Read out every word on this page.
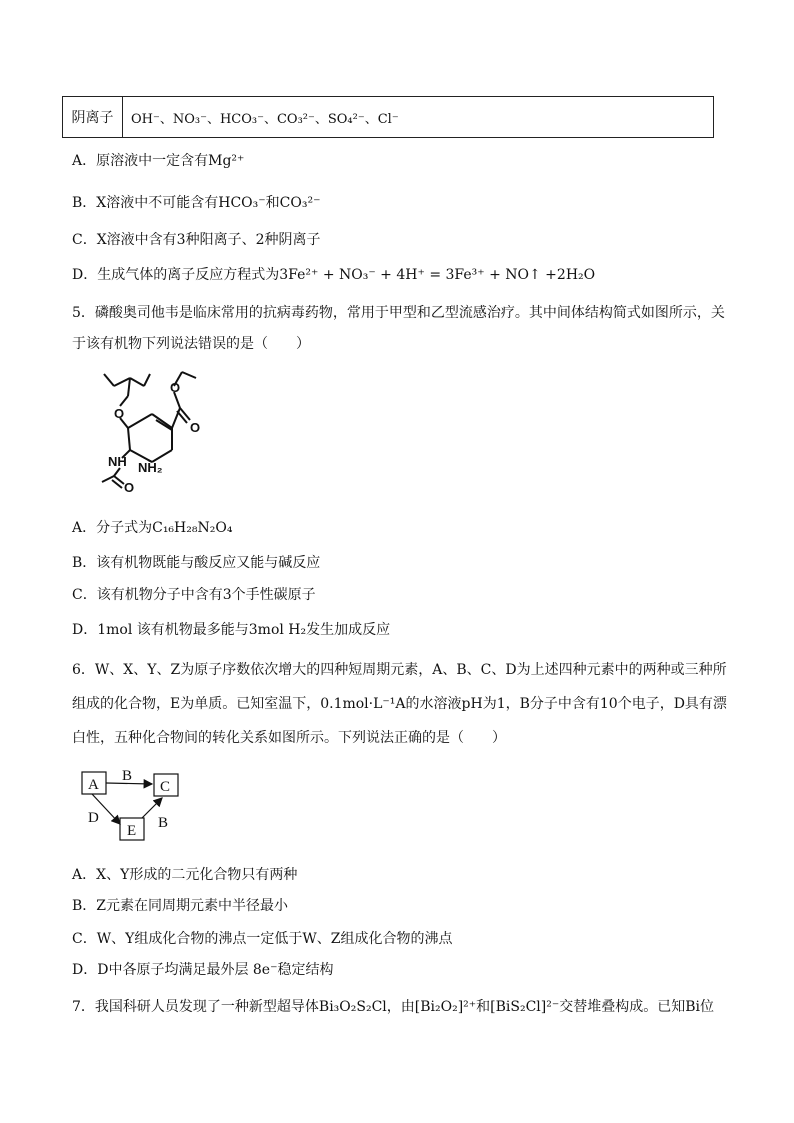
阴离子	OH⁻、NO₃⁻、HCO₃⁻、CO₃²⁻、SO₄²⁻、Cl⁻
A．原溶液中一定含有Mg²⁺
B．X溶液中不可能含有HCO₃⁻和CO₃²⁻
C．X溶液中含有3种阳离子、2种阴离子
D．生成气体的离子反应方程式为3Fe²⁺ + NO₃⁻ + 4H⁺ = 3Fe³⁺ + NO↑ +2H₂O
5．磷酸奥司他韦是临床常用的抗病毒药物，常用于甲型和乙型流感治疗。其中间体结构简式如图所示，关
于该有机物下列说法错误的是（　　）
O
O
O
NH NH₂
O
A．分子式为C₁₆H₂₈N₂O₄
B．该有机物既能与酸反应又能与碱反应
C．该有机物分子中含有3个手性碳原子
D．1mol 该有机物最多能与3mol H₂发生加成反应
6．W、X、Y、Z为原子序数依次增大的四种短周期元素，A、B、C、D为上述四种元素中的两种或三种所
组成的化合物，E为单质。已知室温下，0.1mol·L⁻¹A的水溶液pH为1，B分子中含有10个电子，D具有漂
白性，五种化合物间的转化关系如图所示。下列说法正确的是（　　）
A	C
E
B
D	B
A．X、Y形成的二元化合物只有两种
B．Z元素在同周期元素中半径最小
C．W、Y组成化合物的沸点一定低于W、Z组成化合物的沸点
D．D中各原子均满足最外层 8e⁻稳定结构
7．我国科研人员发现了一种新型超导体Bi₃O₂S₂Cl，由[Bi₂O₂]²⁺和[BiS₂Cl]²⁻交替堆叠构成。已知Bi位
